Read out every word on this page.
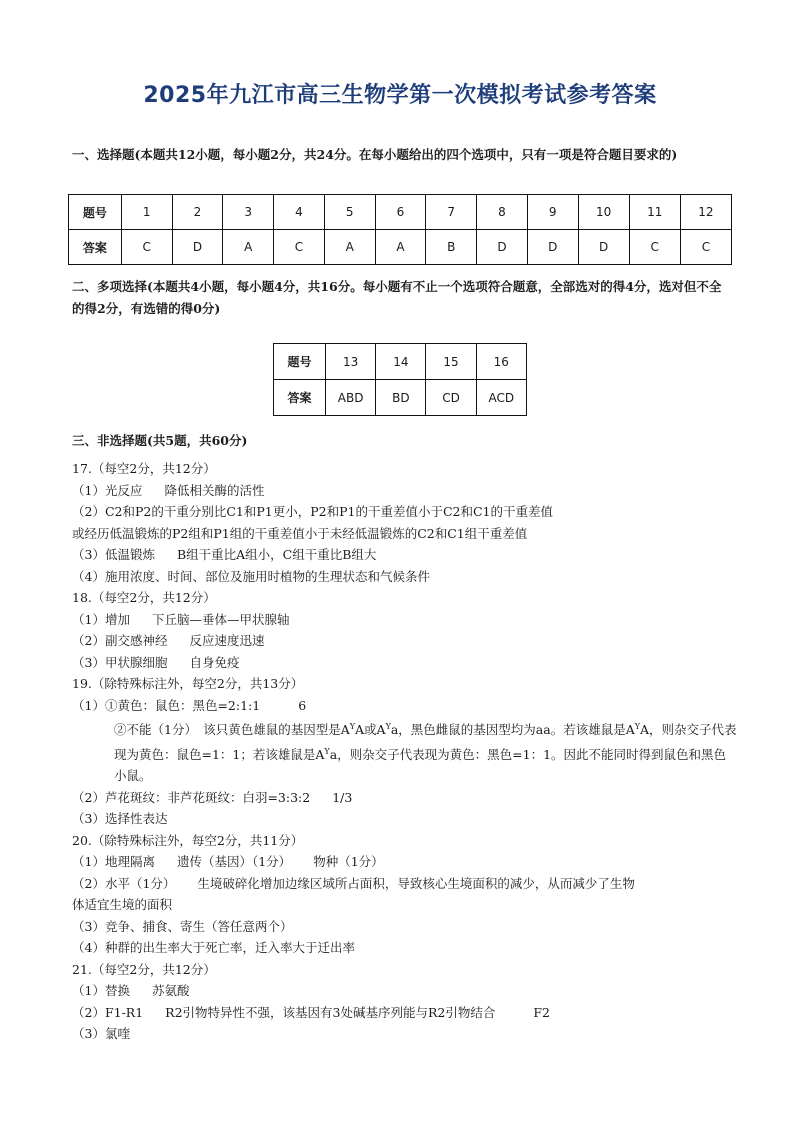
2025年九江市高三生物学第一次模拟考试参考答案
一、选择题(本题共12小题，每小题2分，共24分。在每小题给出的四个选项中，只有一项是符合题目要求的)
题号	1	2	3	4	5	6	7	8	9	10	11	12
答案	C	D	A	C	A	A	B	D	D	D	C	C
二、多项选择(本题共4小题，每小题4分，共16分。每小题有不止一个选项符合题意，全部选对的得4分，选对但不全的得2分，有选错的得0分)
题号	13	14	15	16
答案	ABD	BD	CD	ACD
三、非选择题(共5题，共60分)
17.（每空2分，共12分）
（1）光反应 降低相关酶的活性
（2）C2和P2的干重分别比C1和P1更小，P2和P1的干重差值小于C2和C1的干重差值
或经历低温锻炼的P2组和P1组的干重差值小于未经低温锻炼的C2和C1组干重差值
（3）低温锻炼 B组干重比A组小，C组干重比B组大
（4）施用浓度、时间、部位及施用时植物的生理状态和气候条件
18.（每空2分，共12分）
（1）增加 下丘脑—垂体—甲状腺轴
（2）副交感神经 反应速度迅速
（3）甲状腺细胞 自身免疫
19.（除特殊标注外，每空2分，共13分）
（1）①黄色：鼠色：黑色=2:1:1	6
②不能（1分）　该只黄色雄鼠的基因型是$A^YA$或$A^Ya$，黑色雌鼠的基因型均为aa。若该雄鼠是$A^YA$，则杂交子代表现为黄色：鼠色=1：1；若该雄鼠是$A^Ya$，则杂交子代表现为黄色：黑色=1：1。因此不能同时得到鼠色和黑色小鼠。
（2）芦花斑纹：非芦花斑纹：白羽=3:3:2 1/3
（3）选择性表达
20.（除特殊标注外，每空2分，共11分）
（1）地理隔离 遗传（基因）（1分） 物种（1分）
（2）水平（1分） 生境破碎化增加边缘区域所占面积，导致核心生境面积的减少，从而减少了生物
体适宜生境的面积
（3）竞争、捕食、寄生（答任意两个）
（4）种群的出生率大于死亡率，迁入率大于迁出率
21.（每空2分，共12分）
（1）替换 苏氨酸
（2）F1-R1 R2引物特异性不强，该基因有3处碱基序列能与R2引物结合	F2
（3）氯喹
